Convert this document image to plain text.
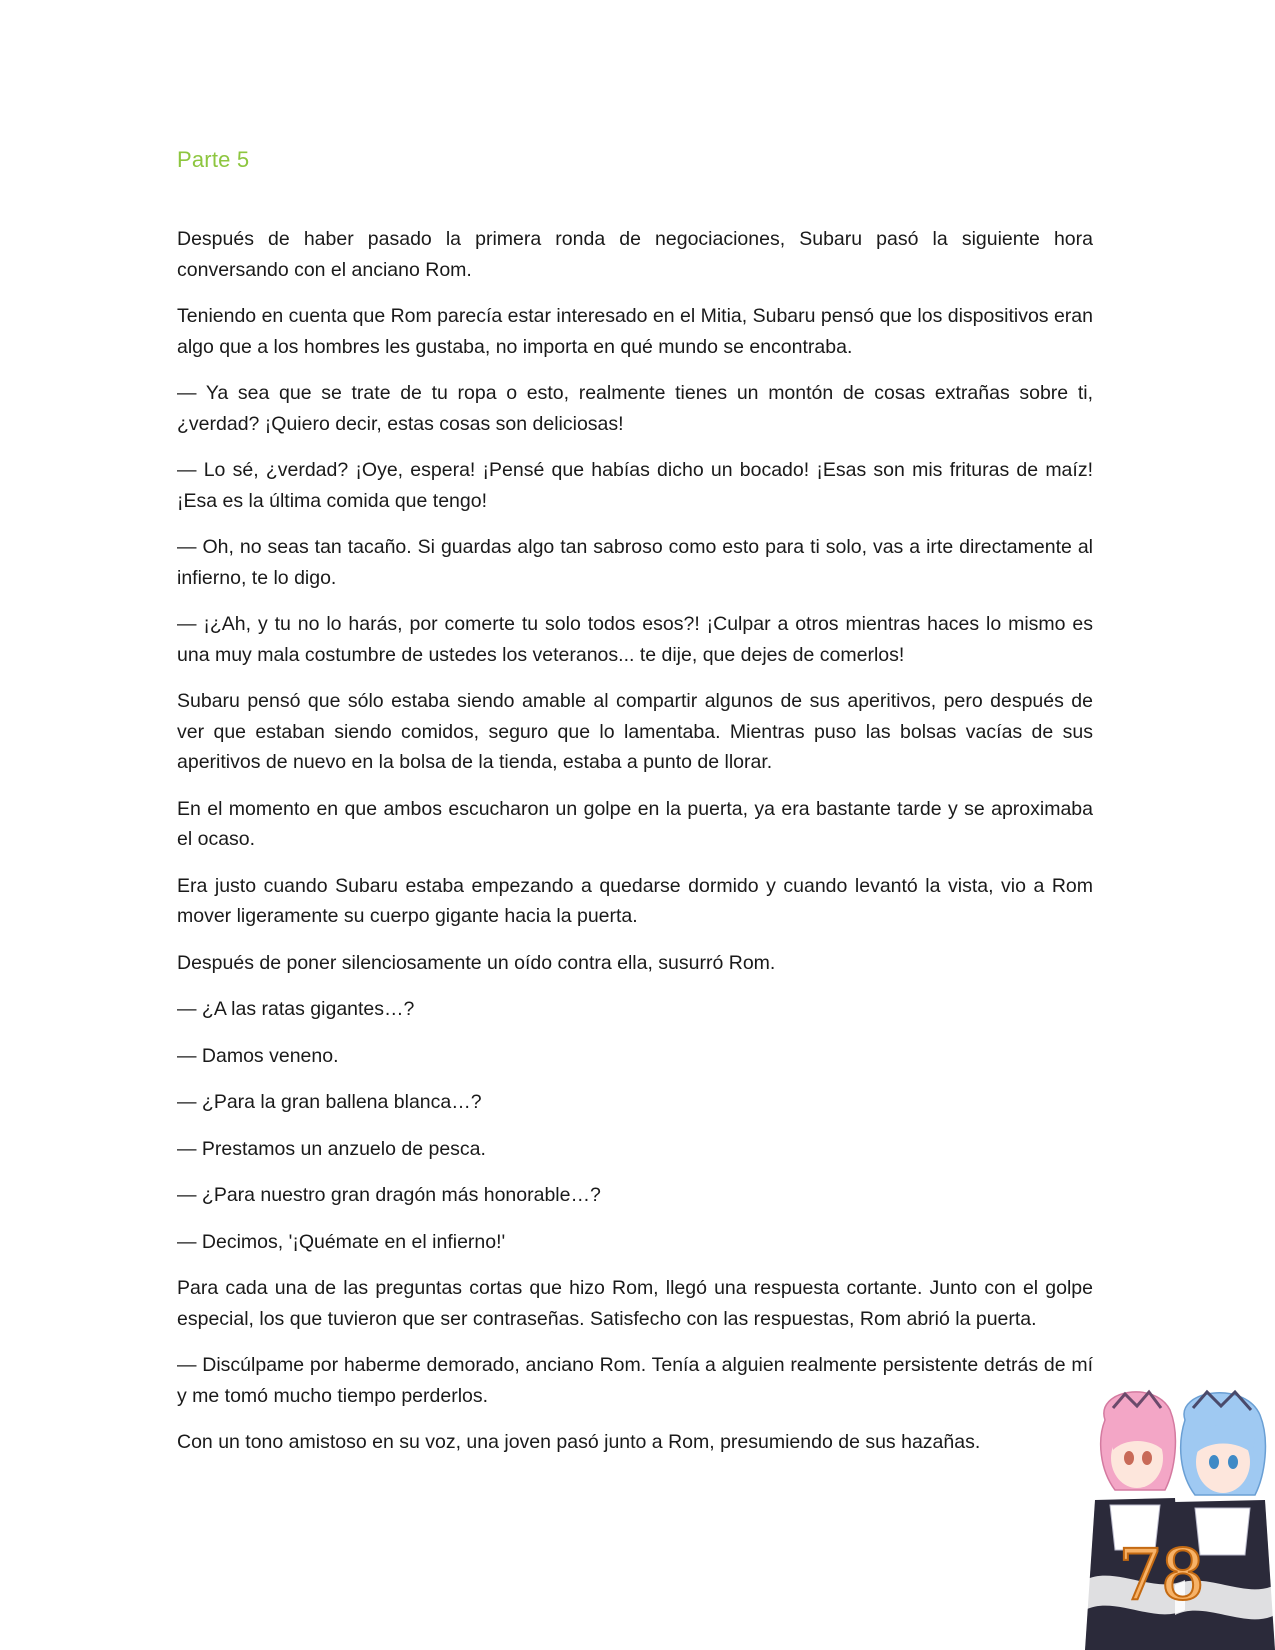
Parte 5

Después de haber pasado la primera ronda de negociaciones, Subaru pasó la siguiente hora conversando con el anciano Rom.

Teniendo en cuenta que Rom parecía estar interesado en el Mitia, Subaru pensó que los dispositivos eran algo que a los hombres les gustaba, no importa en qué mundo se encontraba.

— Ya sea que se trate de tu ropa o esto, realmente tienes un montón de cosas extrañas sobre ti, ¿verdad? ¡Quiero decir, estas cosas son deliciosas!

— Lo sé, ¿verdad? ¡Oye, espera! ¡Pensé que habías dicho un bocado! ¡Esas son mis frituras de maíz! ¡Esa es la última comida que tengo!

— Oh, no seas tan tacaño. Si guardas algo tan sabroso como esto para ti solo, vas a irte directamente al infierno, te lo digo.

— ¡¿Ah, y tu no lo harás, por comerte tu solo todos esos?! ¡Culpar a otros mientras haces lo mismo es una muy mala costumbre de ustedes los veteranos... te dije, que dejes de comerlos!

Subaru pensó que sólo estaba siendo amable al compartir algunos de sus aperitivos, pero después de ver que estaban siendo comidos, seguro que lo lamentaba. Mientras puso las bolsas vacías de sus aperitivos de nuevo en la bolsa de la tienda, estaba a punto de llorar.

En el momento en que ambos escucharon un golpe en la puerta, ya era bastante tarde y se aproximaba el ocaso.

Era justo cuando Subaru estaba empezando a quedarse dormido y cuando levantó la vista, vio a Rom mover ligeramente su cuerpo gigante hacia la puerta.

Después de poner silenciosamente un oído contra ella, susurró Rom.

— ¿A las ratas gigantes…?

— Damos veneno.

— ¿Para la gran ballena blanca…?

— Prestamos un anzuelo de pesca.

— ¿Para nuestro gran dragón más honorable…?

— Decimos, '¡Quémate en el infierno!'

Para cada una de las preguntas cortas que hizo Rom, llegó una respuesta cortante. Junto con el golpe especial, los que tuvieron que ser contraseñas. Satisfecho con las respuestas, Rom abrió la puerta.

— Discúlpame por haberme demorado, anciano Rom. Tenía a alguien realmente persistente detrás de mí y me tomó mucho tiempo perderlos.

Con un tono amistoso en su voz, una joven pasó junto a Rom, presumiendo de sus hazañas.

78
